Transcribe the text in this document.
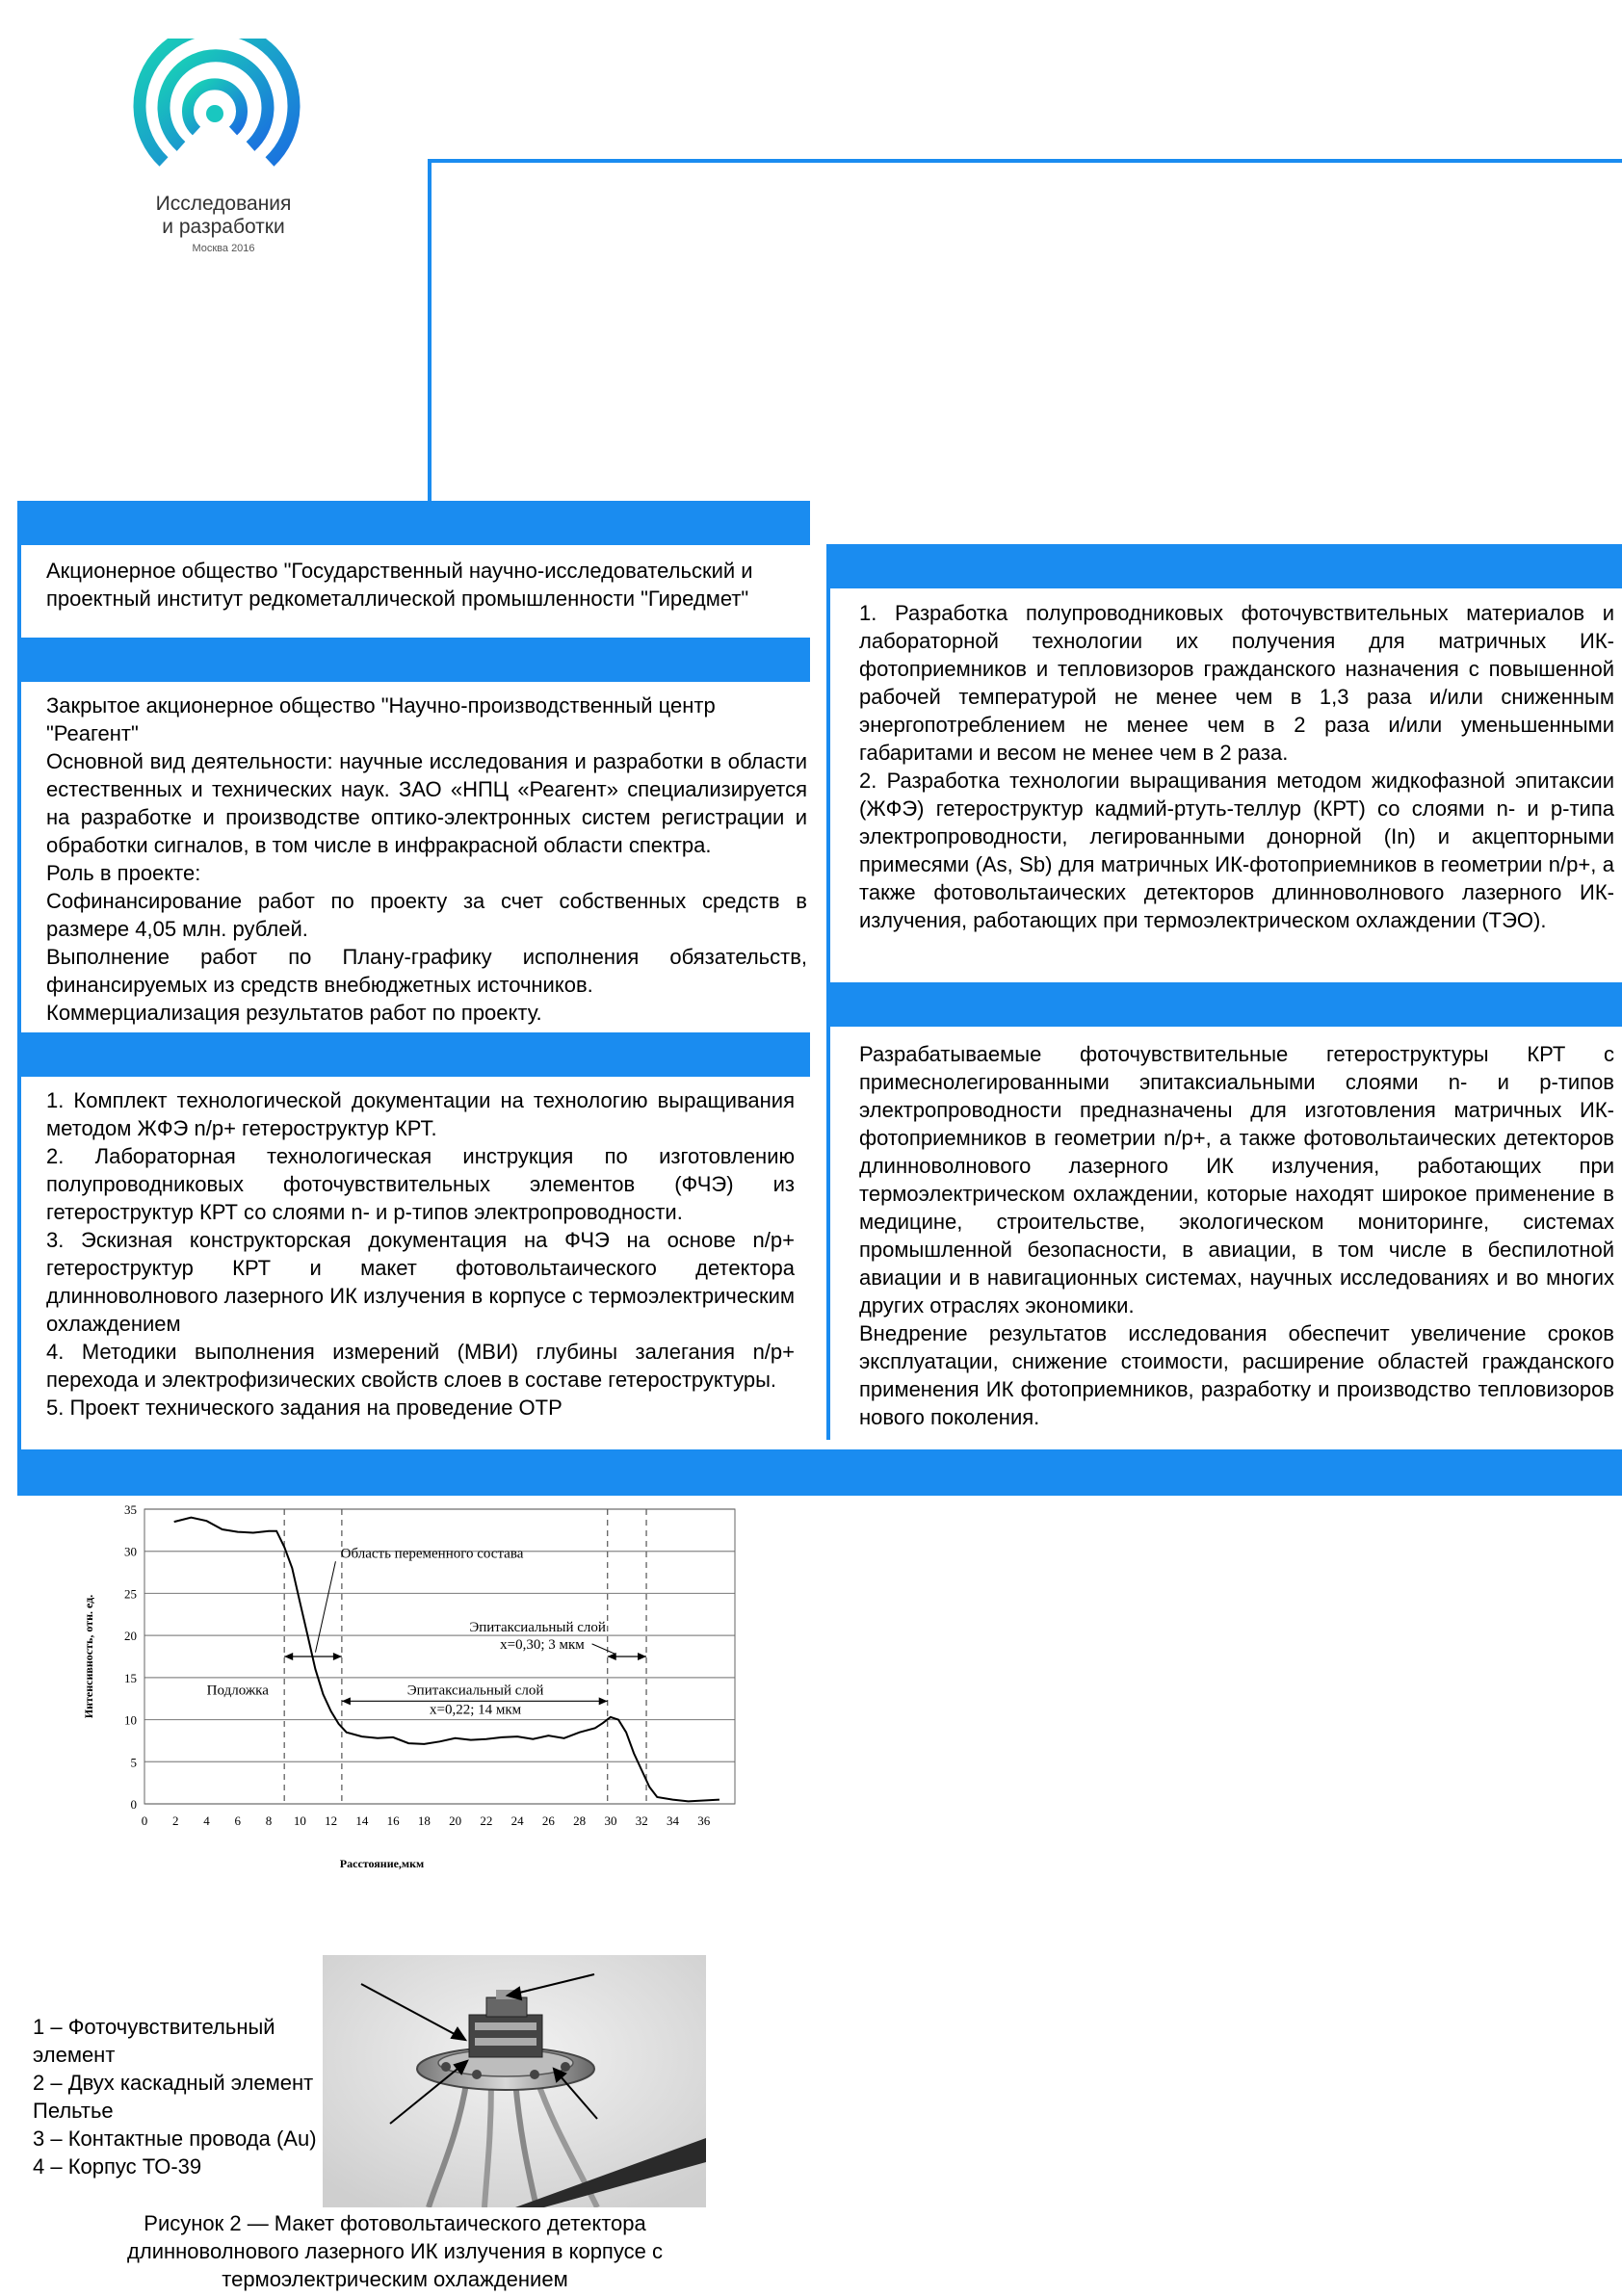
Исследования
и разработки
Москва 2016

Акционерное общество "Государственный научно-исследовательский и проектный институт редкометаллической промышленности "Гиредмет"

Закрытое акционерное общество "Научно-производственный центр "Реагент"

Основной вид деятельности: научные исследования и разработки в области естественных и технических наук. ЗАО «НПЦ «Реагент» специализируется на разработке и производстве оптико-электронных систем регистрации и обработки сигналов, в том числе в инфракрасной области спектра.

Роль в проекте:

Софинансирование работ по проекту за счет собственных средств в размере 4,05 млн. рублей.

Выполнение работ по Плану-графику исполнения обязательств, финансируемых из средств внебюджетных источников.

Коммерциализация результатов работ по проекту.

1. Комплект технологической документации на технологию выращивания методом ЖФЭ n/p+ гетероструктур КРТ.

2. Лабораторная технологическая инструкция по изготовлению полупроводниковых фоточувствительных элементов (ФЧЭ) из гетероструктур КРТ со слоями n- и p-типов электропроводности.

3. Эскизная конструкторская документация на ФЧЭ на основе n/p+ гетероструктур КРТ и макет фотовольтаического детектора длинноволнового лазерного ИК излучения в корпусе с термоэлектрическим охлаждением

4. Методики выполнения измерений (МВИ) глубины залегания n/p+ перехода и электрофизических свойств слоев в составе гетероструктуры.

5. Проект технического задания на проведение ОТР

1. Разработка полупроводниковых фоточувствительных материалов и лабораторной технологии их получения для матричных ИК-фотоприемников и тепловизоров гражданского назначения с повышенной рабочей температурой не менее чем в 1,3 раза и/или сниженным энергопотреблением не менее чем в 2 раза и/или уменьшенными габаритами и весом не менее чем в 2 раза.

2. Разработка технологии выращивания методом жидкофазной эпитаксии (ЖФЭ) гетероструктур кадмий-ртуть-теллур (КРТ) со слоями n- и p-типа электропроводности, легированными донорной (In) и акцепторными примесями (As, Sb) для матричных ИК-фотоприемников в геометрии n/p+, а также фотовольтаических детекторов длинноволнового лазерного ИК-излучения, работающих при термоэлектрическом охлаждении (ТЭО).

Разрабатываемые фоточувствительные гетероструктуры КРТ с примеснолегированными эпитаксиальными слоями n- и p-типов электропроводности предназначены для изготовления матричных ИК-фотоприемников в геометрии n/p+, а также фотовольтаических детекторов длинноволнового лазерного ИК излучения, работающих при термоэлектрическом охлаждении, которые находят широкое применение в медицине, строительстве, экологическом мониторинге, системах промышленной безопасности, в авиации, в том числе в беспилотной авиации и в навигационных системах, научных исследованиях и во многих других отраслях экономики.

Внедрение результатов исследования обеспечит увеличение сроков эксплуатации, снижение стоимости, расширение областей гражданского применения ИК фотоприемников, разработку и производство тепловизоров нового поколения.

0
5
10
15
20
25
30
35
0 2 4 6 8 10 12 14 16 18 20 22 24 26 28 30 32 34 36
Расстояние,мкм
Интенсивность, отн. ед.
Область переменного состава
Подложка
Эпитаксиальный слой
x=0,30; 3 мкм
Эпитаксиальный слой
x=0,22; 14 мкм
1 – Фоточувствительный элемент
2 – Двух каскадный элемент Пельтье
3 – Контактные провода (Au)
4 – Корпус ТО-39
Рисунок 2 — Макет фотовольтаического детектора длинноволнового лазерного ИК излучения в корпусе с термоэлектрическим охлаждением
